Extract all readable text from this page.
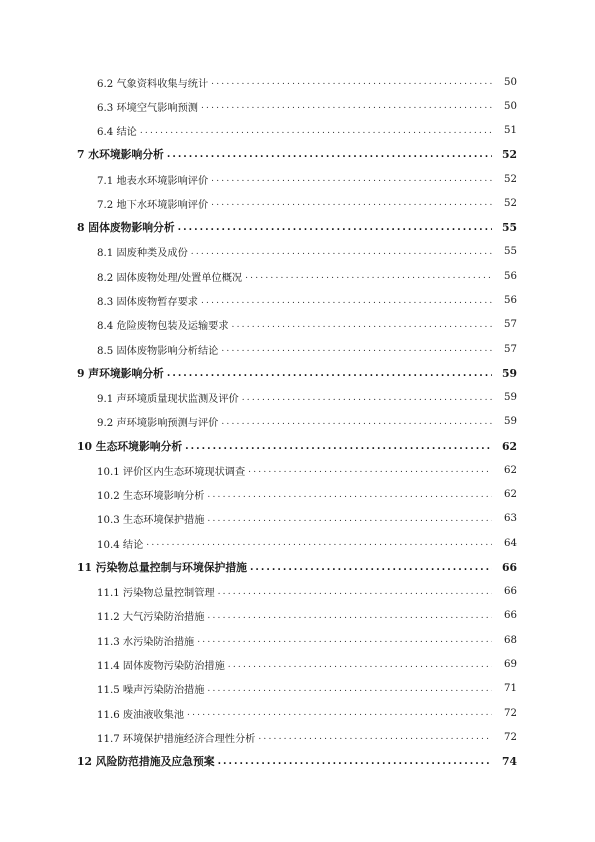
6.2 气象资料收集与统计 .....	50
6.3 环境空气影响预测 .....	50
6.4 结论 .....	51
7 水环境影响分析 .....	52
7.1 地表水环境影响评价 .....	52
7.2 地下水环境影响评价 .....	52
8 固体废物影响分析 .....	55
8.1 固废种类及成份 .....	55
8.2 固体废物处理/处置单位概况 .....	56
8.3 固体废物暂存要求 .....	56
8.4 危险废物包装及运输要求 .....	57
8.5 固体废物影响分析结论 .....	57
9 声环境影响分析 .....	59
9.1 声环境质量现状监测及评价 .....	59
9.2 声环境影响预测与评价 .....	59
10 生态环境影响分析 .....	62
10.1 评价区内生态环境现状调查 .....	62
10.2 生态环境影响分析 .....	62
10.3 生态环境保护措施 .....	63
10.4 结论 .....	64
11 污染物总量控制与环境保护措施 .....	66
11.1 污染物总量控制管理 .....	66
11.2 大气污染防治措施 .....	66
11.3 水污染防治措施 .....	68
11.4 固体废物污染防治措施 .....	69
11.5 噪声污染防治措施 .....	71
11.6 废油液收集池 .....	72
11.7 环境保护措施经济合理性分析 .....	72
12 风险防范措施及应急预案 .....	74
